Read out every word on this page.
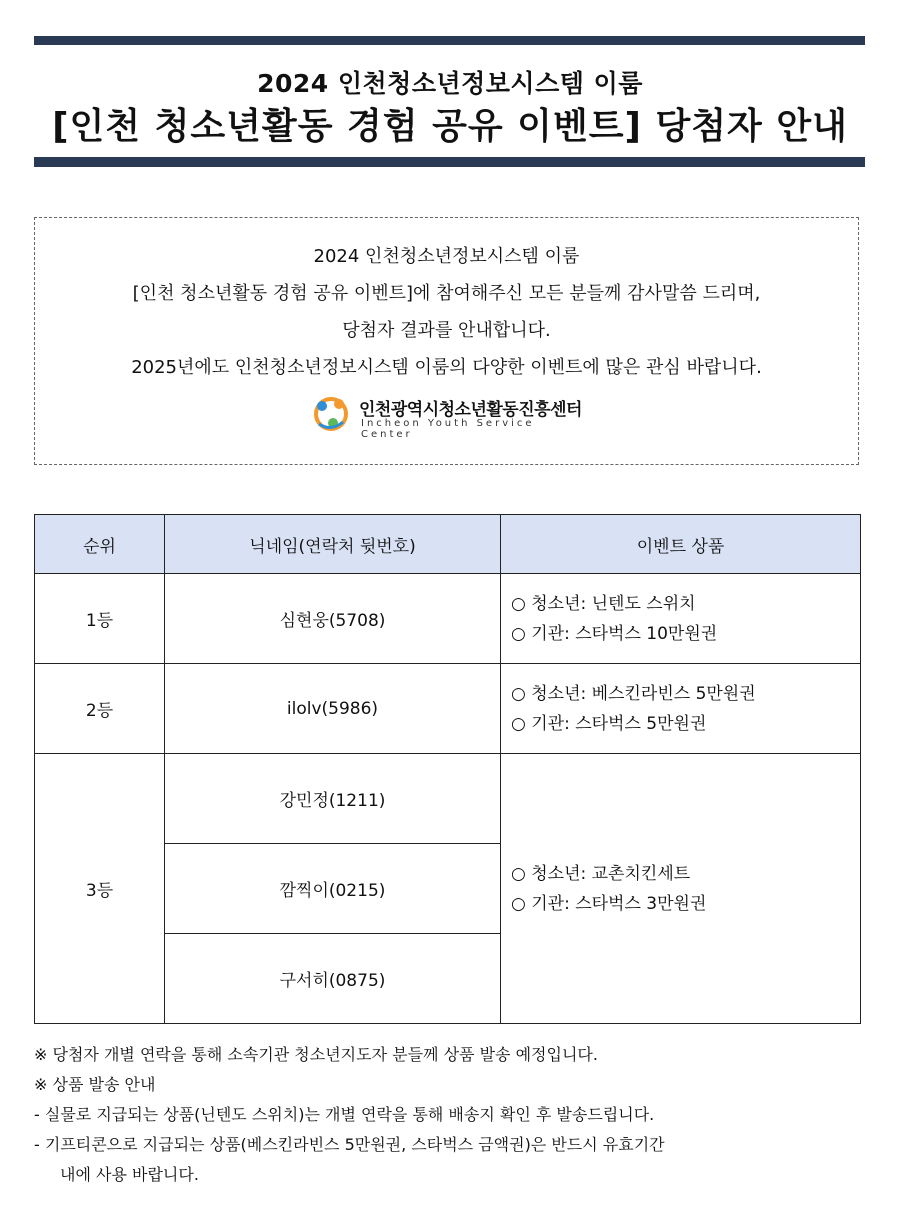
2024 인천청소년정보시스템 이룸
[인천 청소년활동 경험 공유 이벤트] 당첨자 안내

2024 인천청소년정보시스템 이룸

[인천 청소년활동 경험 공유 이벤트]에 참여해주신 모든 분들께 감사말씀 드리며,

당첨자 결과를 안내합니다.

2025년에도 인천청소년정보시스템 이룸의 다양한 이벤트에 많은 관심 바랍니다.

인천광역시청소년활동진흥센터
Incheon Youth Service Center
순위	닉네임(연락처 뒷번호)	이벤트 상품
1등	심현웅(5708)	○ 청소년: 닌텐도 스위치
○ 기관: 스타벅스 10만원권

2등	ilolv(5986)	○ 청소년: 베스킨라빈스 5만원권
○ 기관: 스타벅스 5만원권

3등	강민정(1211)	○ 청소년: 교촌치킨세트
○ 기관: 스타벅스 3만원권

	깜찍이(0215)	
	구서히(0875)	
※ 당첨자 개별 연락을 통해 소속기관 청소년지도자 분들께 상품 발송 예정입니다.
※ 상품 발송 안내
- 실물로 지급되는 상품(닌텐도 스위치)는 개별 연락을 통해 배송지 확인 후 발송드립니다.
- 기프티콘으로 지급되는 상품(베스킨라빈스 5만원권, 스타벅스 금액권)은 반드시 유효기간
내에 사용 바랍니다.
